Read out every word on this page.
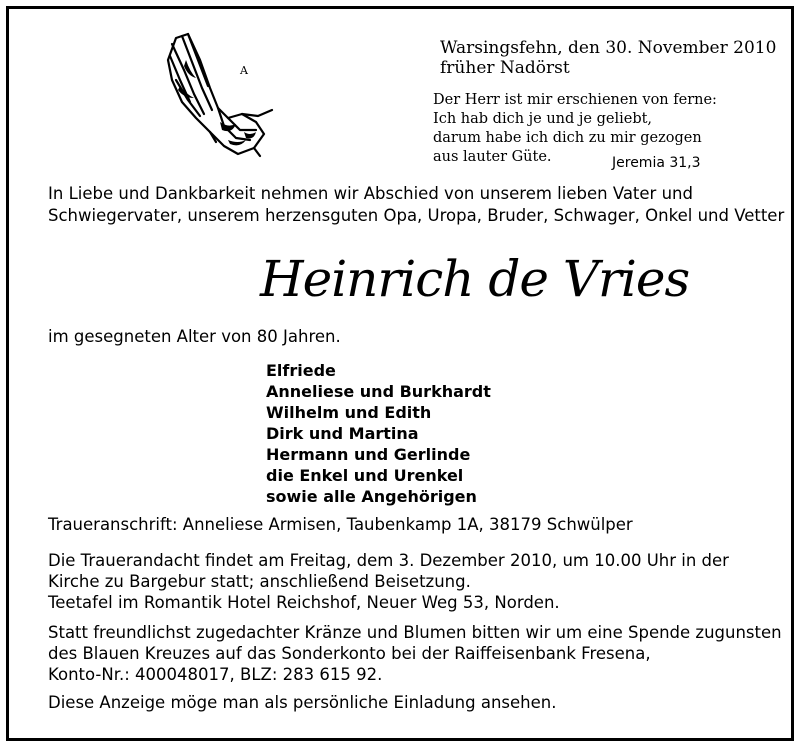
A
Warsingsfehn, den 30. November 2010
früher Nadörst
Der Herr ist mir erschienen von ferne:
Ich hab dich je und je geliebt,
darum habe ich dich zu mir gezogen
aus lauter Güte.	Jeremia 31,3
In Liebe und Dankbarkeit nehmen wir Abschied von unserem lieben Vater und
Schwiegervater, unserem herzensguten Opa, Uropa, Bruder, Schwager, Onkel und Vetter
Heinrich de Vries
im gesegneten Alter von 80 Jahren.
Elfriede
Anneliese und Burkhardt
Wilhelm und Edith
Dirk und Martina
Hermann und Gerlinde
die Enkel und Urenkel
sowie alle Angehörigen
Traueranschrift: Anneliese Armisen, Taubenkamp 1A, 38179 Schwülper
Die Trauerandacht findet am Freitag, dem 3. Dezember 2010, um 10.00 Uhr in der
Kirche zu Bargebur statt; anschließend Beisetzung.
Teetafel im Romantik Hotel Reichshof, Neuer Weg 53, Norden.
Statt freundlichst zugedachter Kränze und Blumen bitten wir um eine Spende zugunsten
des Blauen Kreuzes auf das Sonderkonto bei der Raiffeisenbank Fresena,
Konto-Nr.: 400048017, BLZ: 283 615 92.
Diese Anzeige möge man als persönliche Einladung ansehen.
